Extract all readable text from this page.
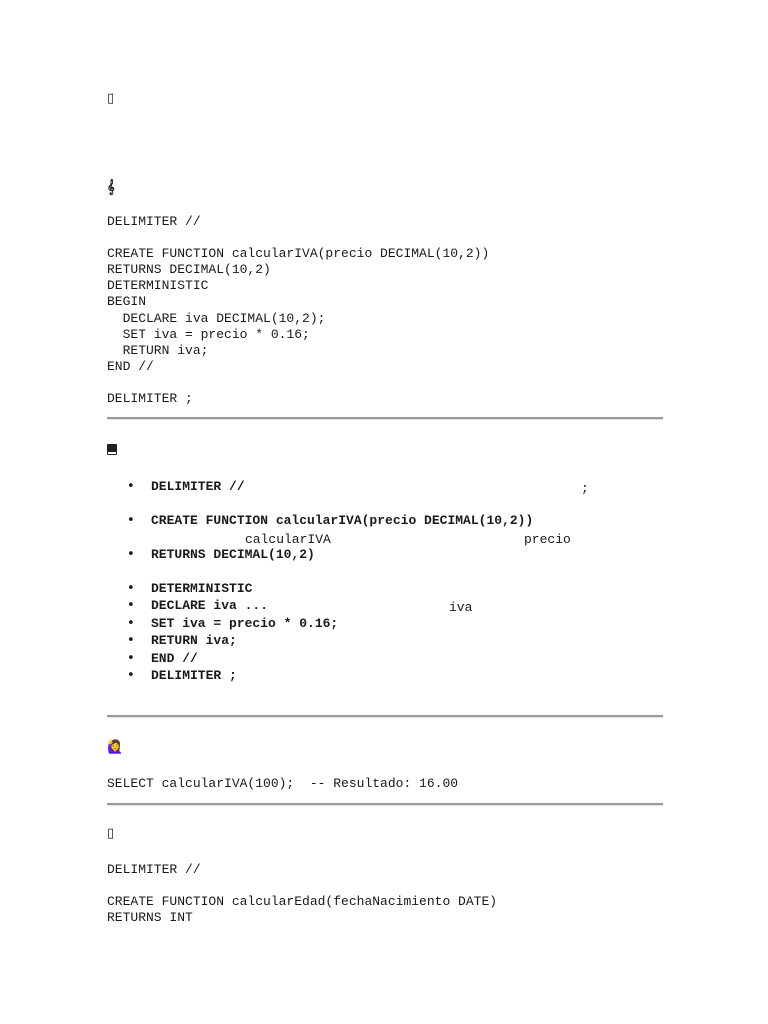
▯
𝄞
DELIMITER //

CREATE FUNCTION calcularIVA(precio DECIMAL(10,2))
RETURNS DECIMAL(10,2)
DETERMINISTIC
BEGIN
DECLARE iva DECIMAL(10,2);
SET iva = precio * 0.16;
RETURN iva;
END //

DELIMITER ;
• DELIMITER //
• CREATE FUNCTION calcularIVA(precio DECIMAL(10,2))
• RETURNS DECIMAL(10,2)
• DETERMINISTIC
• DECLARE iva ...
• SET iva = precio * 0.16;
• RETURN iva;
• END //
• DELIMITER ;
;
calcularIVA	precio
iva
🙋‍♀️
SELECT calcularIVA(100);  -- Resultado: 16.00
▯
DELIMITER //

CREATE FUNCTION calcularEdad(fechaNacimiento DATE)
RETURNS INT
